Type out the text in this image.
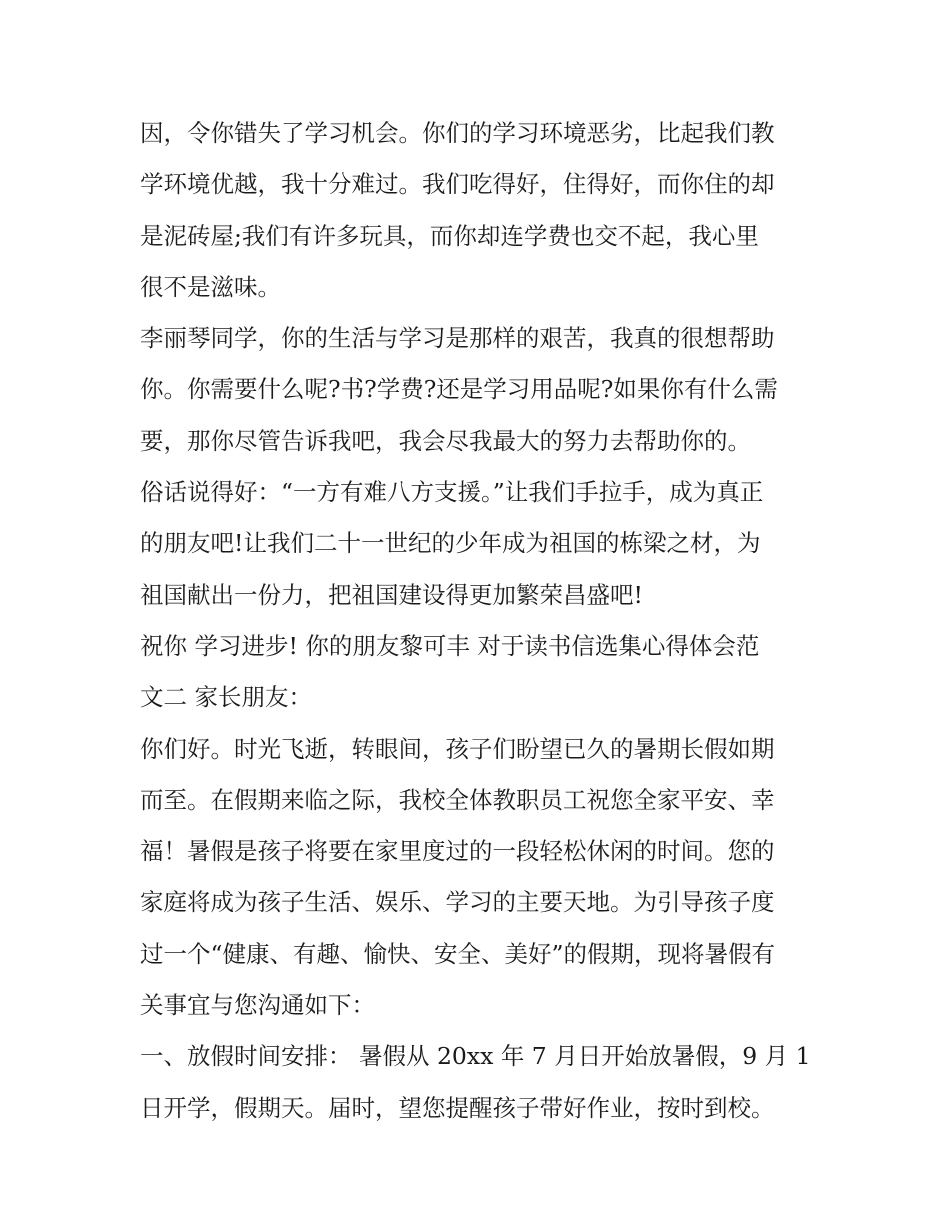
因，令你错失了学习机会。你们的学习环境恶劣，比起我们教
学环境优越，我十分难过。我们吃得好，住得好，而你住的却
是泥砖屋;我们有许多玩具，而你却连学费也交不起，我心里
很不是滋味。
李丽琴同学，你的生活与学习是那样的艰苦，我真的很想帮助
你。你需要什么呢?书?学费?还是学习用品呢?如果你有什么需
要，那你尽管告诉我吧，我会尽我最大的努力去帮助你的。
俗话说得好：“一方有难八方支援。”让我们手拉手，成为真正
的朋友吧!让我们二十一世纪的少年成为祖国的栋梁之材，为
祖国献出一份力，把祖国建设得更加繁荣昌盛吧!
祝你 学习进步! 你的朋友黎可丰 对于读书信选集心得体会范
文二 家长朋友：
你们好。时光飞逝，转眼间，孩子们盼望已久的暑期长假如期
而至。在假期来临之际，我校全体教职员工祝您全家平安、幸
福！暑假是孩子将要在家里度过的一段轻松休闲的时间。您的
家庭将成为孩子生活、娱乐、学习的主要天地。为引导孩子度
过一个“健康、有趣、愉快、安全、美好”的假期，现将暑假有
关事宜与您沟通如下：
一、放假时间安排： 暑假从 20xx 年 7 月日开始放暑假，9 月 1
日开学，假期天。届时，望您提醒孩子带好作业，按时到校。
